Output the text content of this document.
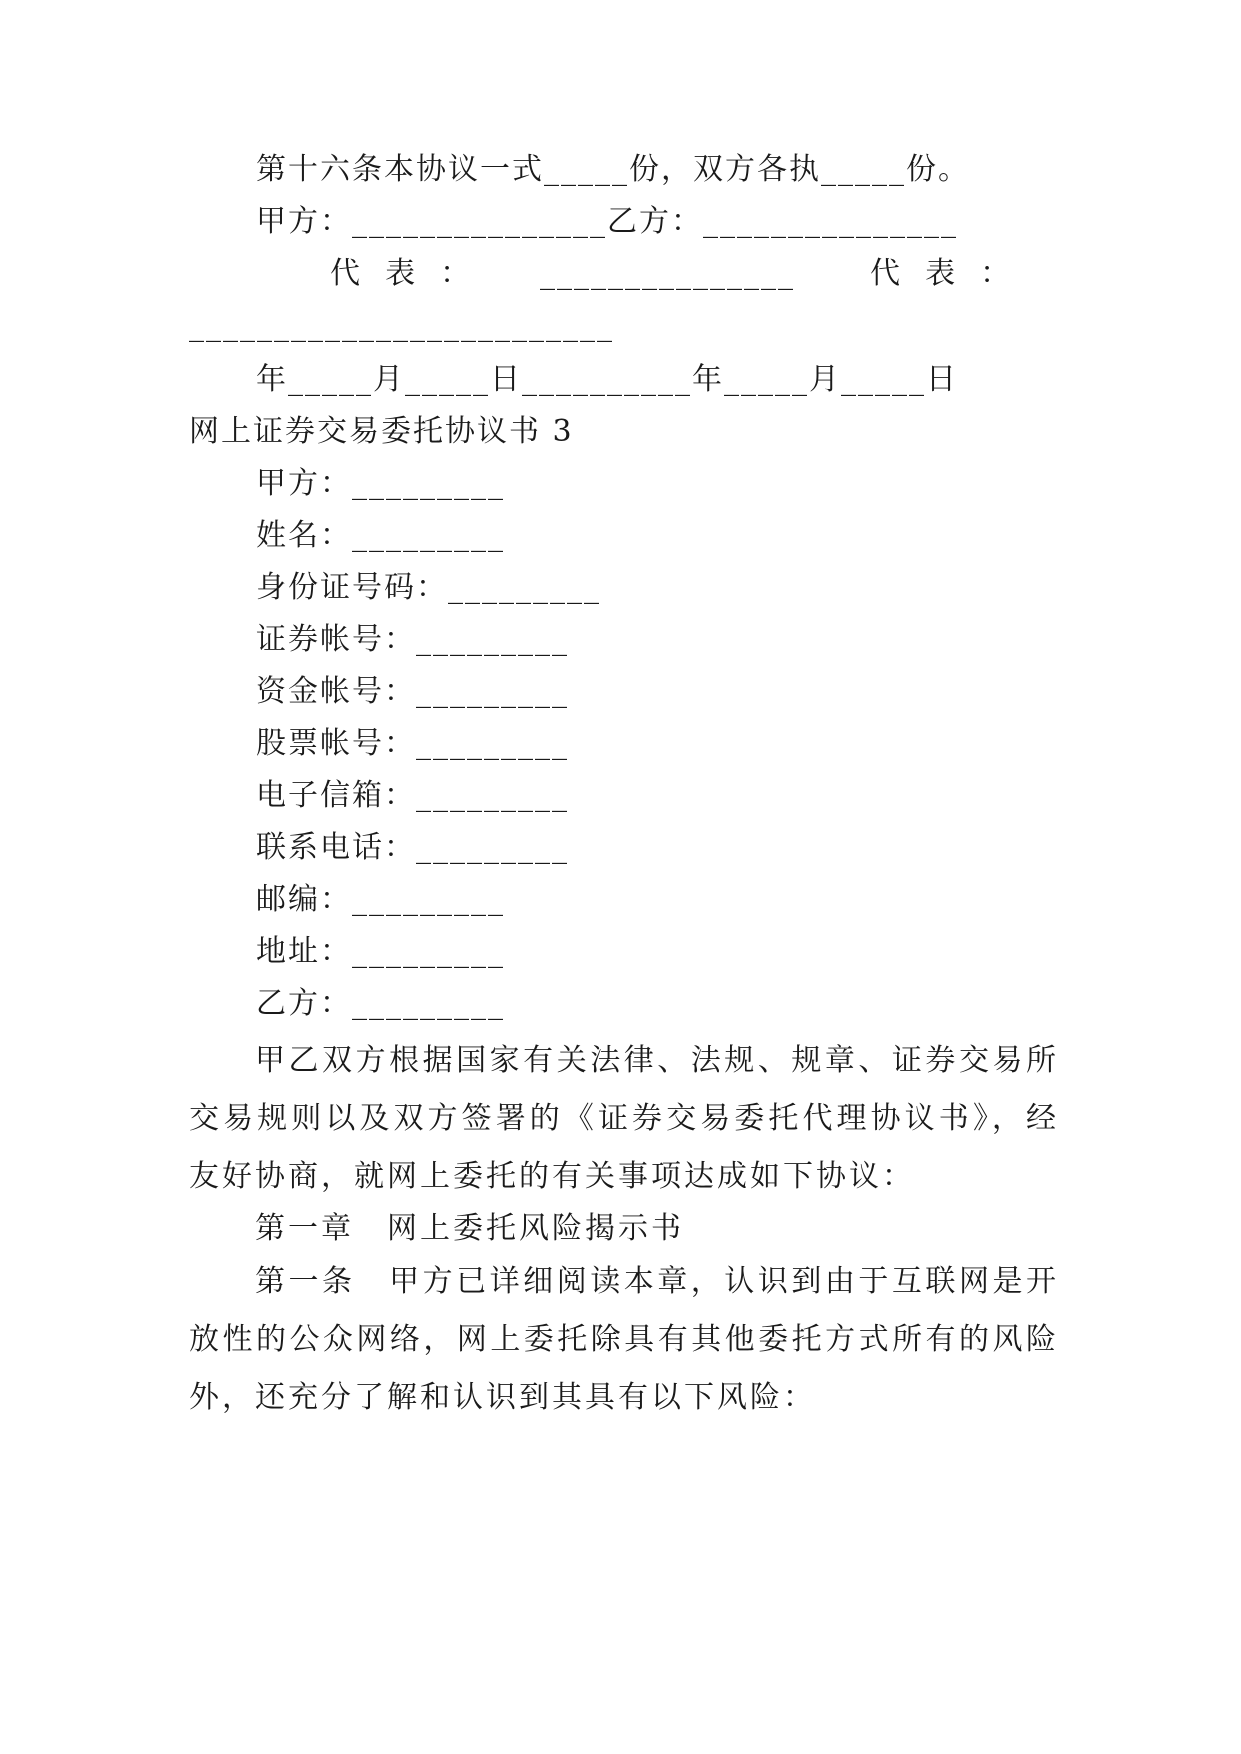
第十六条本协议一式_____份，双方各执_____份。
甲方：_______________乙方：_______________
代  表  ： _______________	代  表  ：
_________________________
年_____月_____日__________年_____月_____日
网上证券交易委托协议书 3
甲方：_________
姓名：_________
身份证号码：_________
证券帐号：_________
资金帐号：_________
股票帐号：_________
电子信箱：_________
联系电话：_________
邮编：_________
地址：_________
乙方：_________
甲乙双方根据国家有关法律、法规、规章、证券交易所交易规则以及双方签署的《证券交易委托代理协议书》，经友好协商，就网上委托的有关事项达成如下协议：
第一章　网上委托风险揭示书
第一条　甲方已详细阅读本章，认识到由于互联网是开放性的公众网络，网上委托除具有其他委托方式所有的风险外，还充分了解和认识到其具有以下风险：
